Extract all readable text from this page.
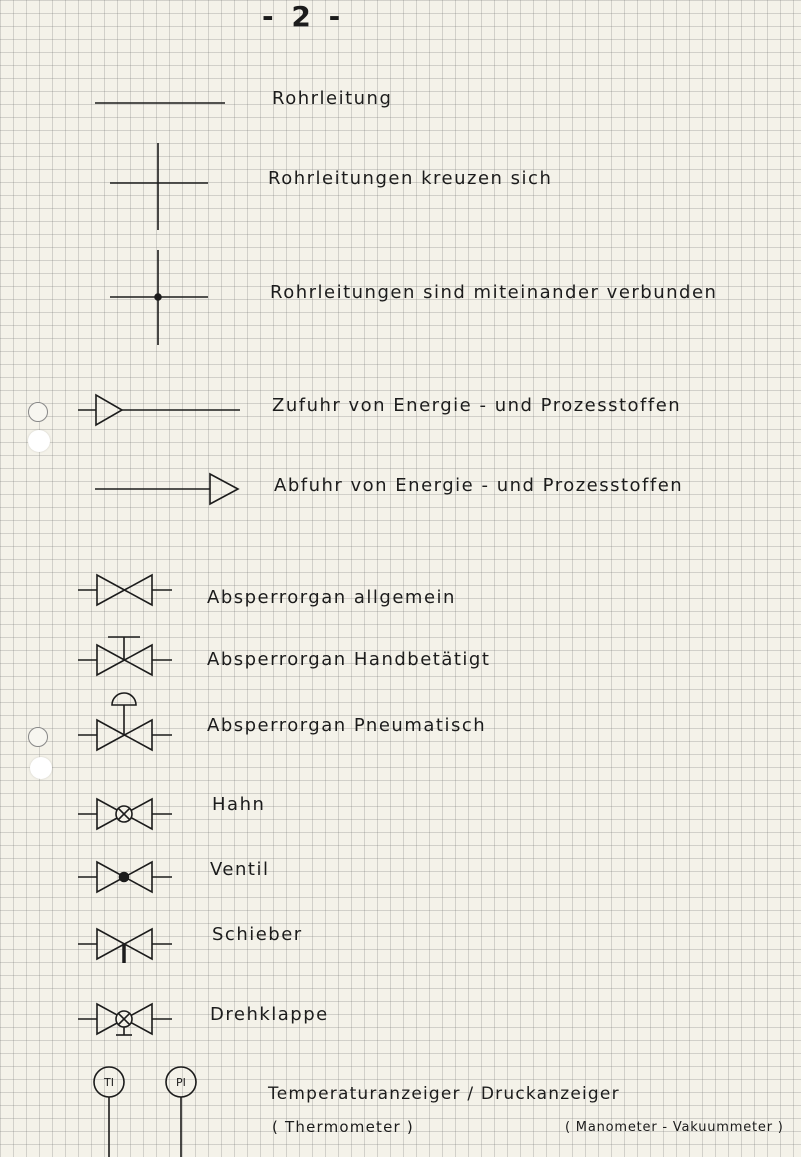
- 2 -
TI	PI
Rohrleitung
Rohrleitungen kreuzen sich
Rohrleitungen sind miteinander verbunden
Zufuhr von Energie - und Prozesstoffen
Abfuhr von Energie - und Prozesstoffen
Absperrorgan allgemein
Absperrorgan Handbetätigt
Absperrorgan Pneumatisch
Hahn
Ventil
Schieber
Drehklappe
Temperaturanzeiger / Druckanzeiger
( Thermometer )	( Manometer - Vakuummeter )
